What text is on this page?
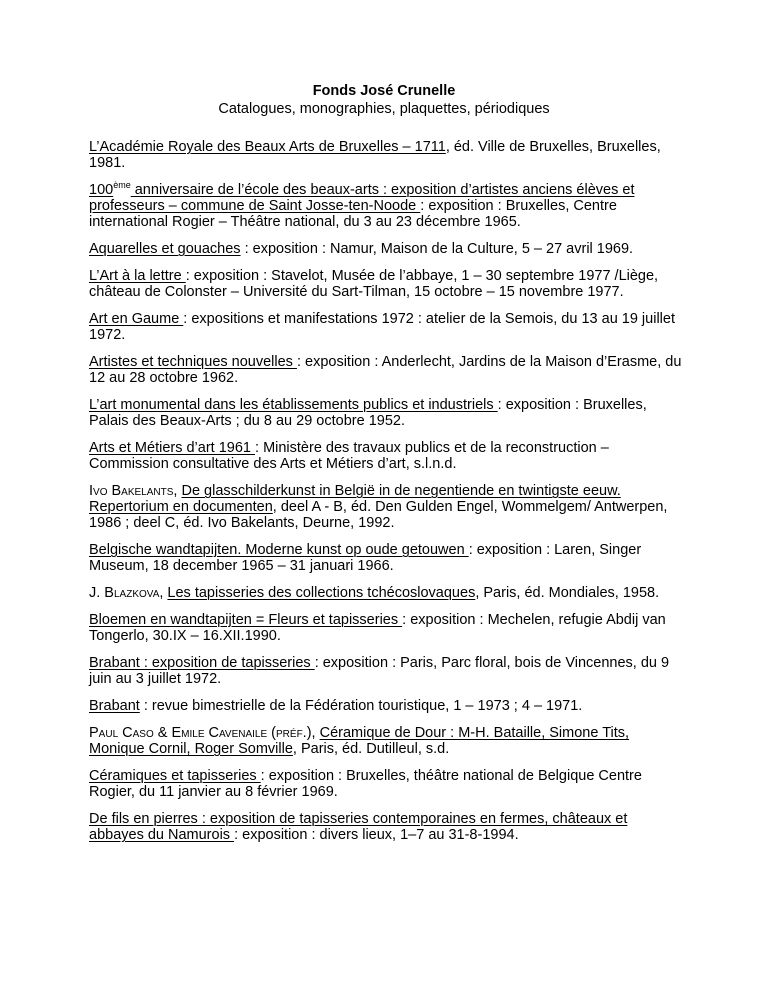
Fonds José Crunelle
Catalogues, monographies, plaquettes, périodiques

L’Académie Royale des Beaux Arts de Bruxelles – 1711, éd. Ville de Bruxelles, Bruxelles, 1981.

100ème anniversaire de l’école des beaux-arts : exposition d’artistes anciens élèves et professeurs – commune de Saint Josse-ten-Noode : exposition : Bruxelles, Centre international Rogier – Théâtre national, du 3 au 23 décembre 1965.

Aquarelles et gouaches : exposition : Namur, Maison de la Culture, 5 – 27 avril 1969.

L’Art à la lettre : exposition : Stavelot, Musée de l’abbaye, 1 – 30 septembre 1977 /Liège, château de Colonster – Université du Sart-Tilman, 15 octobre – 15 novembre 1977.

Art en Gaume : expositions et manifestations 1972 : atelier de la Semois, du 13 au 19 juillet 1972.

Artistes et techniques nouvelles : exposition : Anderlecht, Jardins de la Maison d’Erasme, du 12 au 28 octobre 1962.

L’art monumental dans les établissements publics et industriels : exposition : Bruxelles, Palais des Beaux-Arts ; du 8 au 29 octobre 1952.

Arts et Métiers d’art 1961 : Ministère des travaux publics et de la reconstruction – Commission consultative des Arts et Métiers d’art, s.l.n.d.

Ivo Bakelants, De glasschilderkunst in België in de negentiende en twintigste eeuw. Repertorium en documenten, deel A - B, éd. Den Gulden Engel, Wommelgem/ Antwerpen, 1986 ; deel C, éd. Ivo Bakelants, Deurne, 1992.

Belgische wandtapijten. Moderne kunst op oude getouwen : exposition : Laren, Singer Museum, 18 december 1965 – 31 januari 1966.

J. Blazkova, Les tapisseries des collections tchécoslovaques, Paris, éd. Mondiales, 1958.

Bloemen en wandtapijten = Fleurs et tapisseries : exposition : Mechelen, refugie Abdij van Tongerlo, 30.IX – 16.XII.1990.

Brabant : exposition de tapisseries : exposition : Paris, Parc floral, bois de Vincennes, du 9 juin au 3 juillet 1972.

Brabant : revue bimestrielle de la Fédération touristique, 1 – 1973 ; 4 – 1971.

Paul Caso & Emile Cavenaile (préf.), Céramique de Dour : M-H. Bataille, Simone Tits, Monique Cornil, Roger Somville, Paris, éd. Dutilleul, s.d.

Céramiques et tapisseries : exposition : Bruxelles, théâtre national de Belgique Centre Rogier, du 11 janvier au 8 février 1969.

De fils en pierres : exposition de tapisseries contemporaines en fermes, châteaux et abbayes du Namurois : exposition : divers lieux, 1–7 au 31-8-1994.
